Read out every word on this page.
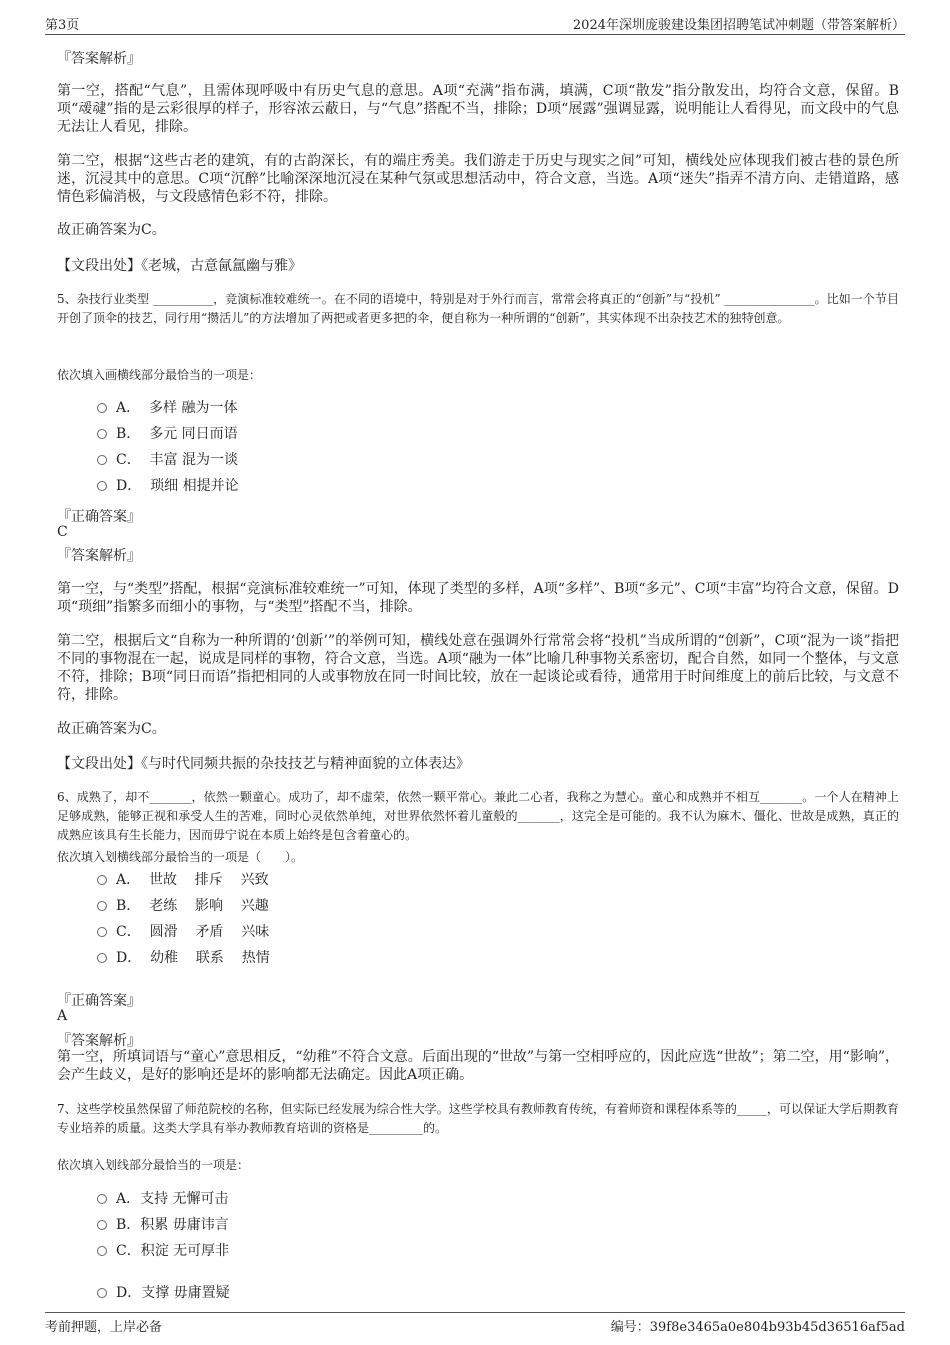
第3页	2024年深圳庞骏建设集团招聘笔试冲刺题（带答案解析）
『答案解析』

第一空，搭配“气息”，且需体现呼吸中有历史气息的意思。A项“充满”指布满，填满，C项“散发”指分散发出，均符合文意，保留。B项“叆叇”指的是云彩很厚的样子，形容浓云蔽日，与“气息”搭配不当，排除；D项“展露”强调显露，说明能让人看得见，而文段中的气息无法让人看见，排除。

第二空，根据“这些古老的建筑，有的古韵深长，有的端庄秀美。我们游走于历史与现实之间”可知，横线处应体现我们被古巷的景色所迷，沉浸其中的意思。C项“沉醉”比喻深深地沉浸在某种气氛或思想活动中，符合文意，当选。A项“迷失”指弄不清方向、走错道路，感情色彩偏消极，与文段感情色彩不符，排除。

故正确答案为C。
【文段出处】《老城，古意氤氲幽与雅》

5、杂技行业类型 __________，竞演标准较难统一。在不同的语境中，特别是对于外行而言，常常会将真正的“创新”与“投机” _______________。比如一个节目开创了顶伞的技艺，同行用“攒活儿”的方法增加了两把或者更多把的伞，便自称为一种所谓的“创新”，其实体现不出杂技艺术的独特创意。

依次填入画横线部分最恰当的一项是：
A．  多样 融为一体
B．  多元 同日而语
C．  丰富 混为一谈
D．  琐细 相提并论
『正确答案』
C
『答案解析』

第一空，与“类型”搭配，根据“竞演标准较难统一”可知，体现了类型的多样，A项“多样”、B项“多元”、C项“丰富”均符合文意，保留。D项“琐细”指繁多而细小的事物，与“类型”搭配不当，排除。

第二空，根据后文“自称为一种所谓的‘创新’”的举例可知，横线处意在强调外行常常会将“投机”当成所谓的“创新”，C项“混为一谈”指把不同的事物混在一起，说成是同样的事物，符合文意，当选。A项“融为一体”比喻几种事物关系密切，配合自然，如同一个整体，与文意不符，排除；B项“同日而语”指把相同的人或事物放在同一时间比较，放在一起谈论或看待，通常用于时间维度上的前后比较，与文意不符，排除。

故正确答案为C。
【文段出处】《与时代同频共振的杂技技艺与精神面貌的立体表达》

6、成熟了，却不_______，依然一颗童心。成功了，却不虚荣，依然一颗平常心。兼此二心者，我称之为慧心。童心和成熟并不相互_______。一个人在精神上足够成熟，能够正视和承受人生的苦难，同时心灵依然单纯，对世界依然怀着儿童般的_______，这完全是可能的。我不认为麻木、僵化、世故是成熟，真正的成熟应该具有生长能力，因而毋宁说在本质上始终是包含着童心的。

依次填入划横线部分最恰当的一项是（　　）。
A．  世故    排斥    兴致
B．  老练    影响    兴趣
C．  圆滑    矛盾    兴味
D．  幼稚    联系    热情
『正确答案』
A
『答案解析』

第一空，所填词语与“童心”意思相反，“幼稚”不符合文意。后面出现的“世故”与第一空相呼应的，因此应选“世故”；第二空，用“影响”，会产生歧义，是好的影响还是坏的影响都无法确定。因此A项正确。

7、这些学校虽然保留了师范院校的名称，但实际已经发展为综合性大学。这些学校具有教师教育传统，有着师资和课程体系等的_____，可以保证大学后期教育专业培养的质量。这类大学具有举办教师教育培训的资格是_________的。

依次填入划线部分最恰当的一项是：
A．支持 无懈可击
B．积累 毋庸讳言
C．积淀 无可厚非
D．支撑 毋庸置疑
考前押题，上岸必备	编号：39f8e3465a0e804b93b45d36516af5ad
